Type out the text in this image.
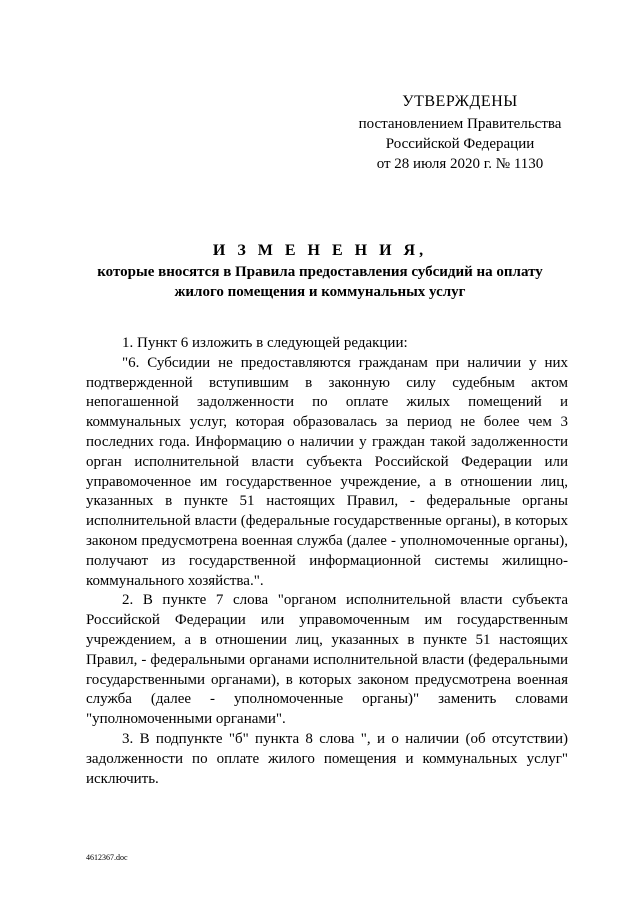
УТВЕРЖДЕНЫ
постановлением Правительства
Российской Федерации
от 28 июля 2020 г. № 1130
И З М Е Н Е Н И Я,
которые вносятся в Правила предоставления субсидий на оплату
жилого помещения и коммунальных услуг

1. Пункт 6 изложить в следующей редакции:

"6. Субсидии не предоставляются гражданам при наличии у них подтвержденной вступившим в законную силу судебным актом непогашенной задолженности по оплате жилых помещений и коммунальных услуг, которая образовалась за период не более чем 3 последних года. Информацию о наличии у граждан такой задолженности орган исполнительной власти субъекта Российской Федерации или управомоченное им государственное учреждение, а в отношении лиц, указанных в пункте 51 настоящих Правил, - федеральные органы исполнительной власти (федеральные государственные органы), в которых законом предусмотрена военная служба (далее - уполномоченные органы), получают из государственной информационной системы жилищно-коммунального хозяйства.".

2. В пункте 7 слова "органом исполнительной власти субъекта Российской Федерации или управомоченным им государственным учреждением, а в отношении лиц, указанных в пункте 51 настоящих Правил, - федеральными органами исполнительной власти (федеральными государственными органами), в которых законом предусмотрена военная служба (далее - уполномоченные органы)" заменить словами "уполномоченными органами".

3. В подпункте "б" пункта 8 слова ", и о наличии (об отсутствии) задолженности по оплате жилого помещения и коммунальных услуг" исключить.

4612367.doc
